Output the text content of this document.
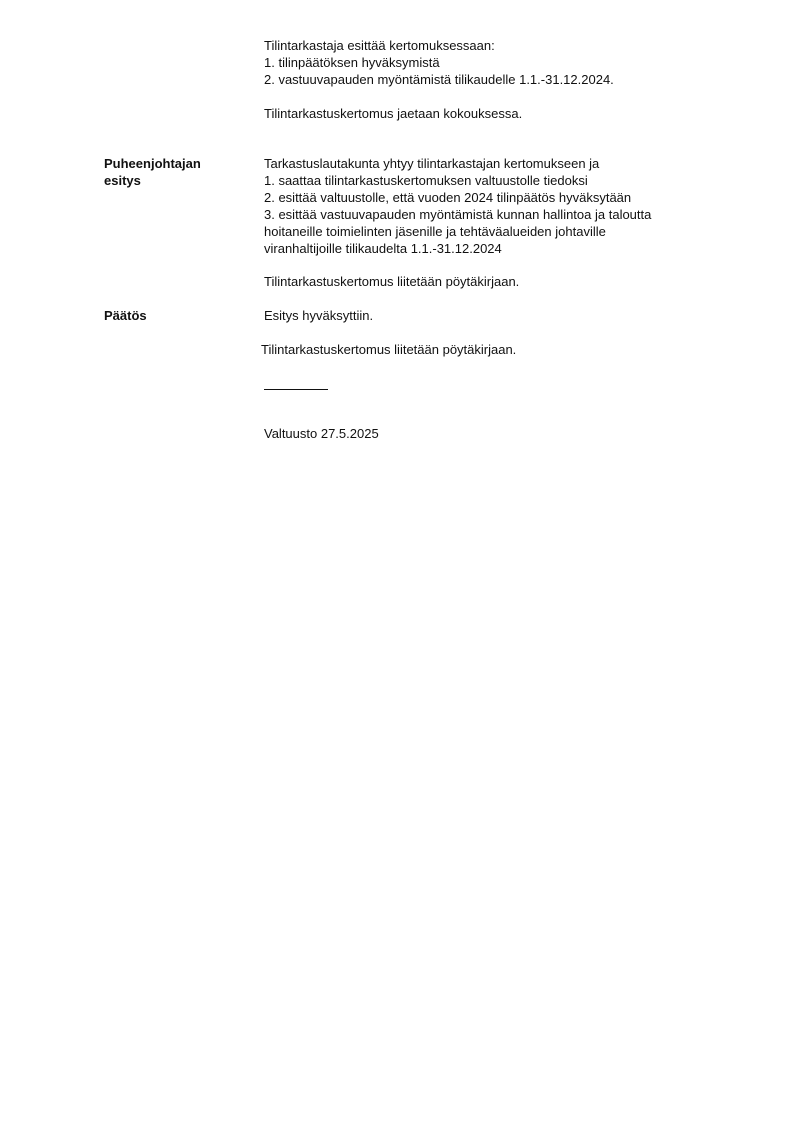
Tilintarkastaja esittää kertomuksessaan:
1. tilinpäätöksen hyväksymistä
2. vastuuvapauden myöntämistä tilikaudelle 1.1.-31.12.2024.
Tilintarkastuskertomus jaetaan kokouksessa.
Puheenjohtajan
esitys
Tarkastuslautakunta yhtyy tilintarkastajan kertomukseen ja
1. saattaa tilintarkastuskertomuksen valtuustolle tiedoksi
2. esittää valtuustolle, että vuoden 2024 tilinpäätös hyväksytään
3. esittää vastuuvapauden myöntämistä kunnan hallintoa ja taloutta
hoitaneille toimielinten jäsenille ja tehtäväalueiden johtaville
viranhaltijoille tilikaudelta 1.1.-31.12.2024
Tilintarkastuskertomus liitetään pöytäkirjaan.
Päätös	Esitys hyväksyttiin.
Tilintarkastuskertomus liitetään pöytäkirjaan.
Valtuusto 27.5.2025
